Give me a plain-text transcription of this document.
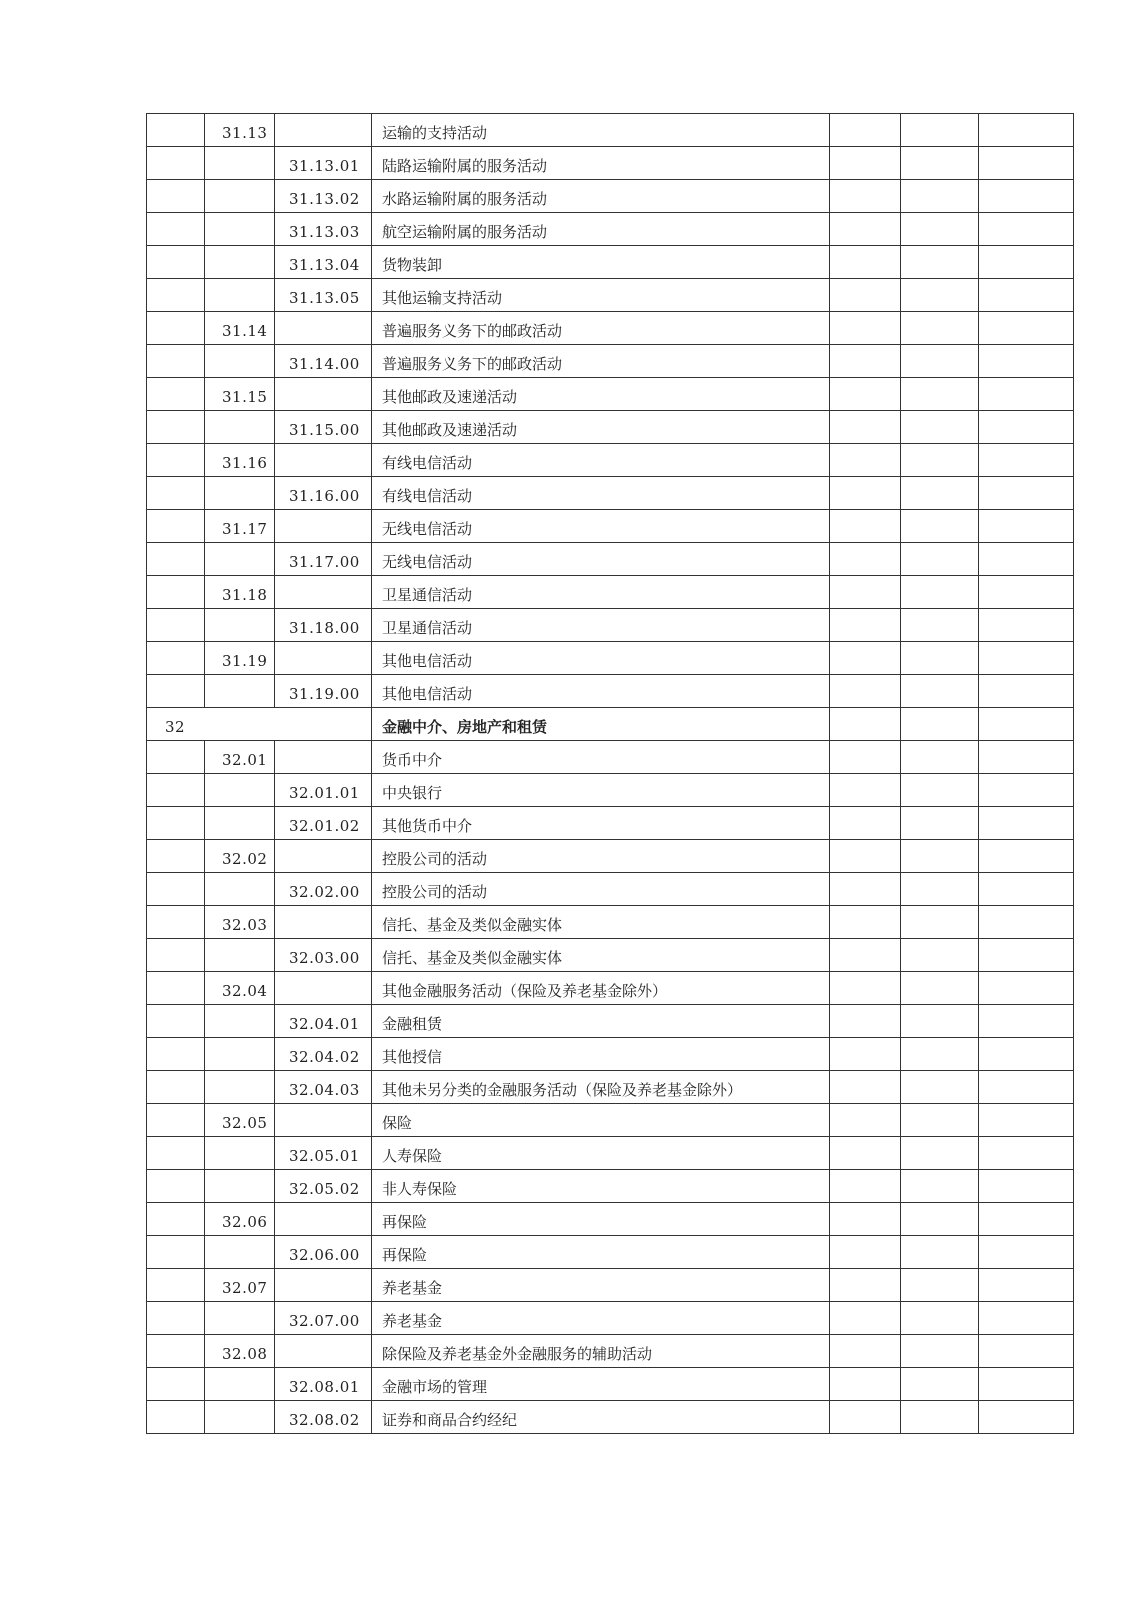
	31.13		运输的支持活动			
		31.13.01	陆路运输附属的服务活动			
		31.13.02	水路运输附属的服务活动			
		31.13.03	航空运输附属的服务活动			
		31.13.04	货物装卸			
		31.13.05	其他运输支持活动			
	31.14		普遍服务义务下的邮政活动			
		31.14.00	普遍服务义务下的邮政活动			
	31.15		其他邮政及速递活动			
		31.15.00	其他邮政及速递活动			
	31.16		有线电信活动			
		31.16.00	有线电信活动			
	31.17		无线电信活动			
		31.17.00	无线电信活动			
	31.18		卫星通信活动			
		31.18.00	卫星通信活动			
	31.19		其他电信活动			
		31.19.00	其他电信活动			
32			金融中介、房地产和租赁			
	32.01		货币中介			
		32.01.01	中央银行			
		32.01.02	其他货币中介			
	32.02		控股公司的活动			
		32.02.00	控股公司的活动			
	32.03		信托、基金及类似金融实体			
		32.03.00	信托、基金及类似金融实体			
	32.04		其他金融服务活动（保险及养老基金除外）			
		32.04.01	金融租赁			
		32.04.02	其他授信			
		32.04.03	其他未另分类的金融服务活动（保险及养老基金除外）			
	32.05		保险			
		32.05.01	人寿保险			
		32.05.02	非人寿保险			
	32.06		再保险			
		32.06.00	再保险			
	32.07		养老基金			
		32.07.00	养老基金			
	32.08		除保险及养老基金外金融服务的辅助活动			
		32.08.01	金融市场的管理			
		32.08.02	证券和商品合约经纪			
